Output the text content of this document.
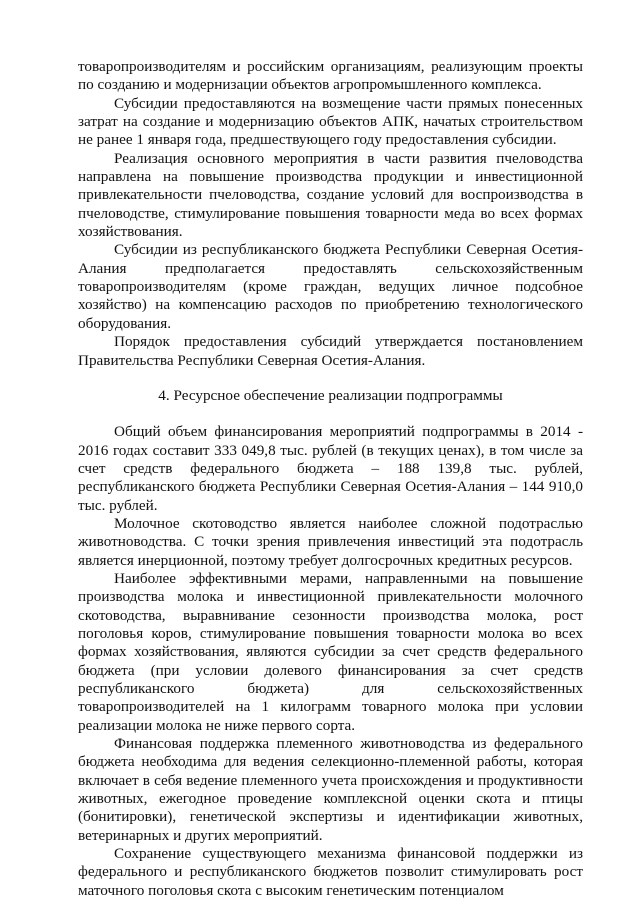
товаропроизводителям и российским организациям, реализующим проекты по созданию и модернизации объектов агропромышленного комплекса.

Субсидии предоставляются на возмещение части прямых понесенных затрат на создание и модернизацию объектов АПК, начатых строительством не ранее 1 января года, предшествующего году предоставления субсидии.

Реализация основного мероприятия в части развития пчеловодства направлена на повышение производства продукции и инвестиционной привлекательности пчеловодства, создание условий для воспроизводства в пчеловодстве, стимулирование повышения товарности меда во всех формах хозяйствования.

Субсидии из республиканского бюджета Республики Северная Осетия-Алания предполагается предоставлять сельскохозяйственным товаропроизводителям (кроме граждан, ведущих личное подсобное хозяйство) на компенсацию расходов по приобретению технологического оборудования.

Порядок предоставления субсидий утверждается постановлением Правительства Республики Северная Осетия-Алания.

4. Ресурсное обеспечение реализации подпрограммы

Общий объем финансирования мероприятий подпрограммы в 2014 - 2016 годах составит 333 049,8 тыс. рублей (в текущих ценах), в том числе за счет средств федерального бюджета – 188 139,8 тыс. рублей, республиканского бюджета Республики Северная Осетия-Алания – 144 910,0 тыс. рублей.

Молочное скотоводство является наиболее сложной подотраслью животноводства. С точки зрения привлечения инвестиций эта подотрасль является инерционной, поэтому требует долгосрочных кредитных ресурсов.

Наиболее эффективными мерами, направленными на повышение производства молока и инвестиционной привлекательности молочного скотоводства, выравнивание сезонности производства молока, рост поголовья коров, стимулирование повышения товарности молока во всех формах хозяйствования, являются субсидии за счет средств федерального бюджета (при условии долевого финансирования за счет средств республиканского бюджета) для сельскохозяйственных товаропроизводителей на 1 килограмм товарного молока при условии реализации молока не ниже первого сорта.

Финансовая поддержка племенного животноводства из федерального бюджета необходима для ведения селекционно-племенной работы, которая включает в себя ведение племенного учета происхождения и продуктивности животных, ежегодное проведение комплексной оценки скота и птицы (бонитировки), генетической экспертизы и идентификации животных, ветеринарных и других мероприятий.

Сохранение существующего механизма финансовой поддержки из федерального и республиканского бюджетов позволит стимулировать рост маточного поголовья скота с высоким генетическим потенциалом
